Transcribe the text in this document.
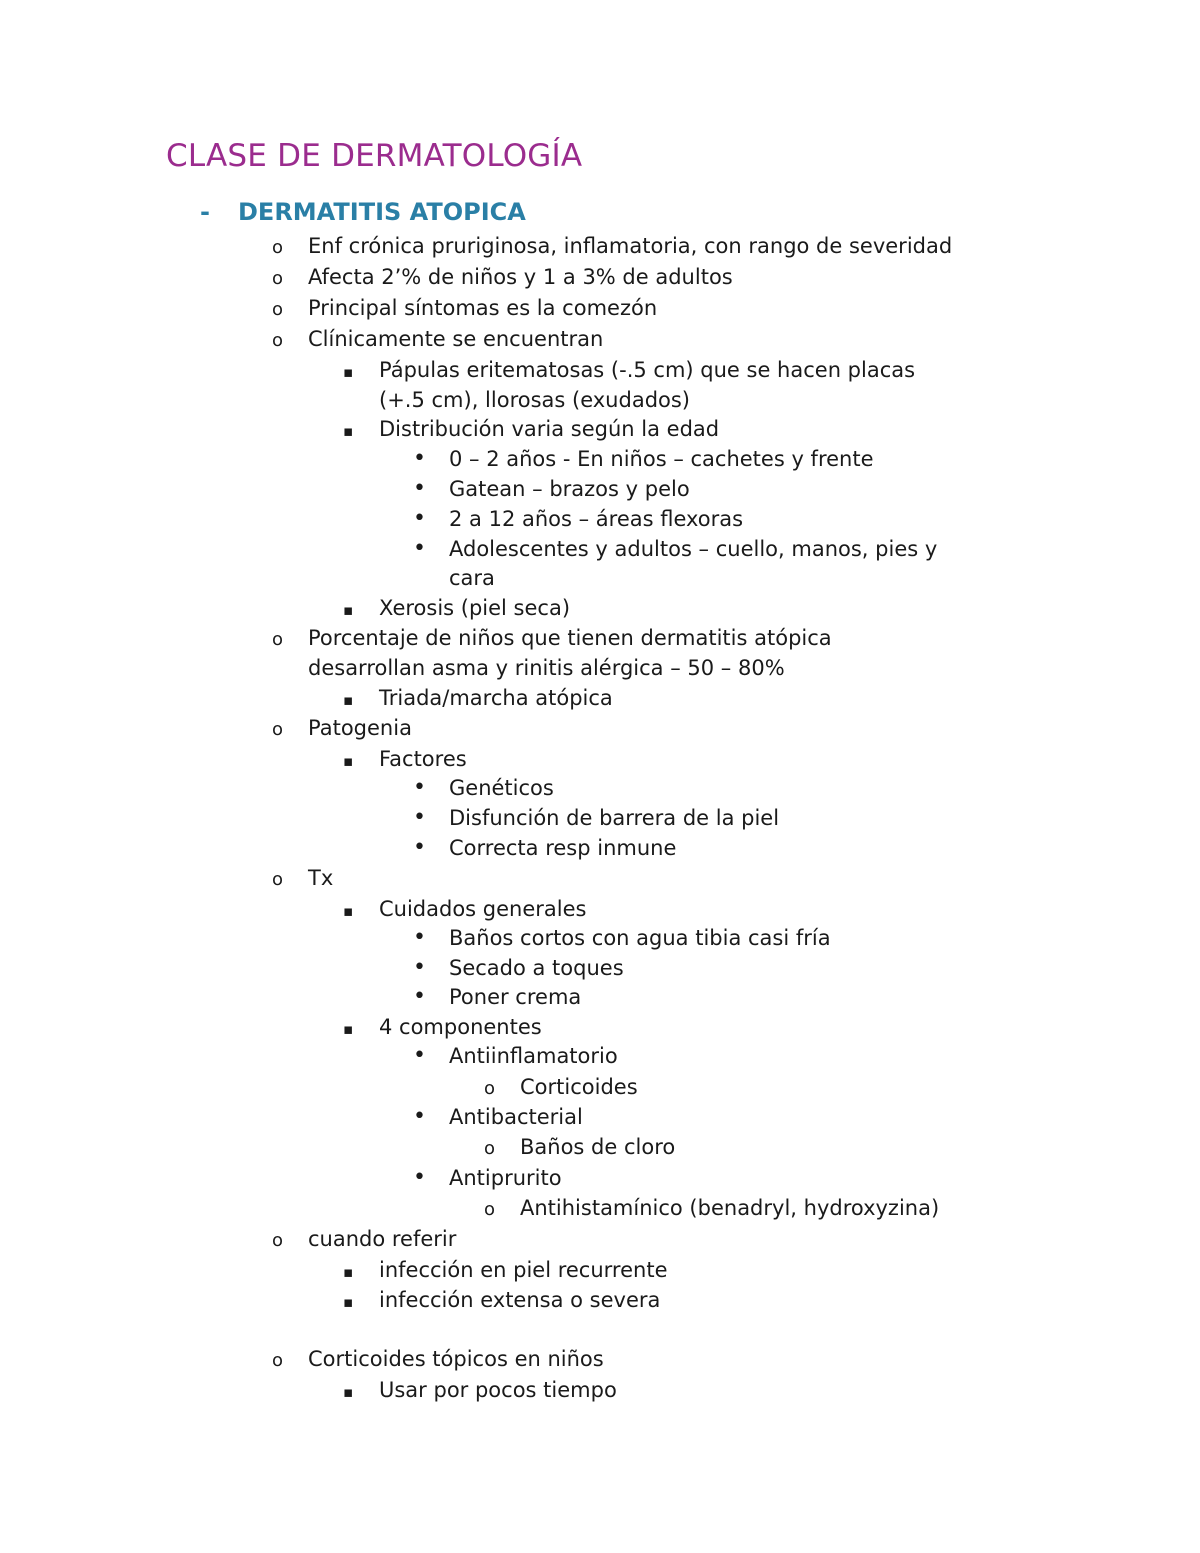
CLASE DE DERMATOLOGÍA
- DERMATITIS ATOPICA
o Enf crónica pruriginosa, inflamatoria, con rango de severidad
o Afecta 2’% de niños y 1 a 3% de adultos
o Principal síntomas es la comezón
o Clínicamente se encuentran
▪ Pápulas eritematosas (-.5 cm) que se hacen placas
(+.5 cm), llorosas (exudados)
▪ Distribución varia según la edad
• 0 – 2 años - En niños – cachetes y frente
• Gatean – brazos y pelo
• 2 a 12 años – áreas flexoras
• Adolescentes y adultos – cuello, manos, pies y
cara
▪ Xerosis (piel seca)
o Porcentaje de niños que tienen dermatitis atópica
desarrollan asma y rinitis alérgica – 50 – 80%
▪ Triada/marcha atópica
o Patogenia
▪ Factores
• Genéticos
• Disfunción de barrera de la piel
• Correcta resp inmune
o Tx
▪ Cuidados generales
• Baños cortos con agua tibia casi fría
• Secado a toques
• Poner crema
▪ 4 componentes
• Antiinflamatorio
o Corticoides
• Antibacterial
o Baños de cloro
• Antiprurito
o Antihistamínico (benadryl, hydroxyzina)
o cuando referir
▪ infección en piel recurrente
▪ infección extensa o severa
o Corticoides tópicos en niños
▪ Usar por pocos tiempo
